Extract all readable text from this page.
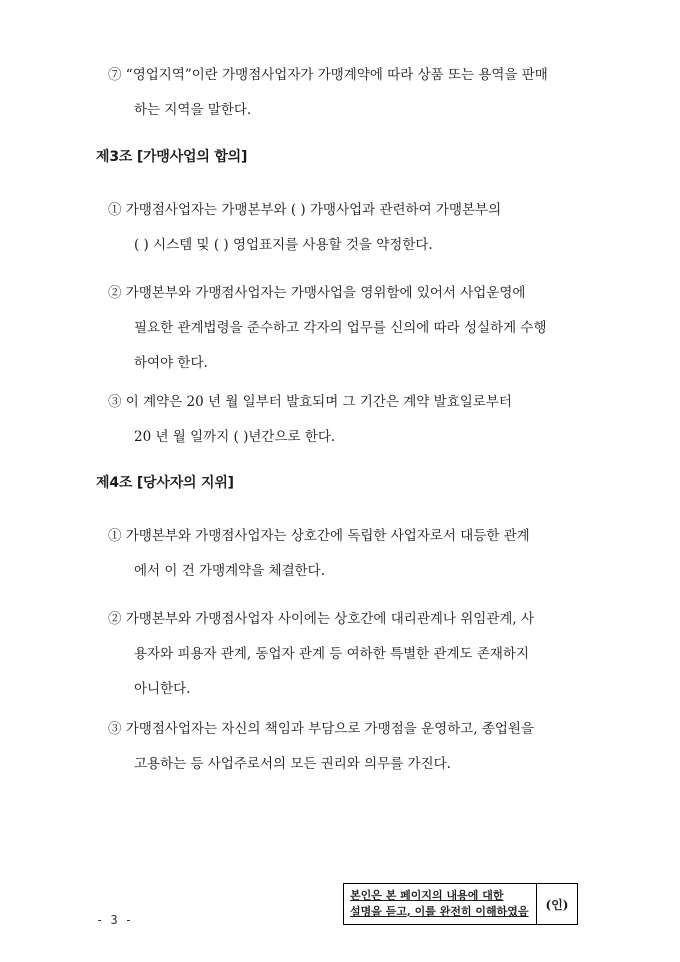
⑦ “영업지역”이란 가맹점사업자가 가맹계약에 따라 상품 또는 용역을 판매
하는 지역을 말한다.
제3조 [가맹사업의 합의]
① 가맹점사업자는 가맹본부와 ( ) 가맹사업과 관련하여 가맹본부의
( ) 시스템 및 ( ) 영업표지를 사용할 것을 약정한다.
② 가맹본부와 가맹점사업자는 가맹사업을 영위함에 있어서 사업운영에
필요한 관계법령을 준수하고 각자의 업무를 신의에 따라 성실하게 수행
하여야 한다.
③ 이 계약은 20 년 월 일부터 발효되며 그 기간은 계약 발효일로부터
20 년 월 일까지 ( )년간으로 한다.
제4조 [당사자의 지위]
① 가맹본부와 가맹점사업자는 상호간에 독립한 사업자로서 대등한 관계
에서 이 건 가맹계약을 체결한다.
② 가맹본부와 가맹점사업자 사이에는 상호간에 대리관계나 위임관계, 사
용자와 피용자 관계, 동업자 관계 등 여하한 특별한 관계도 존재하지
아니한다.
③ 가맹점사업자는 자신의 책임과 부담으로 가맹점을 운영하고, 종업원을
고용하는 등 사업주로서의 모든 권리와 의무를 가진다.
- 3 -
본인은 본 페이지의 내용에 대한
설명을 듣고, 이를 완전히 이해하였음	(인)
